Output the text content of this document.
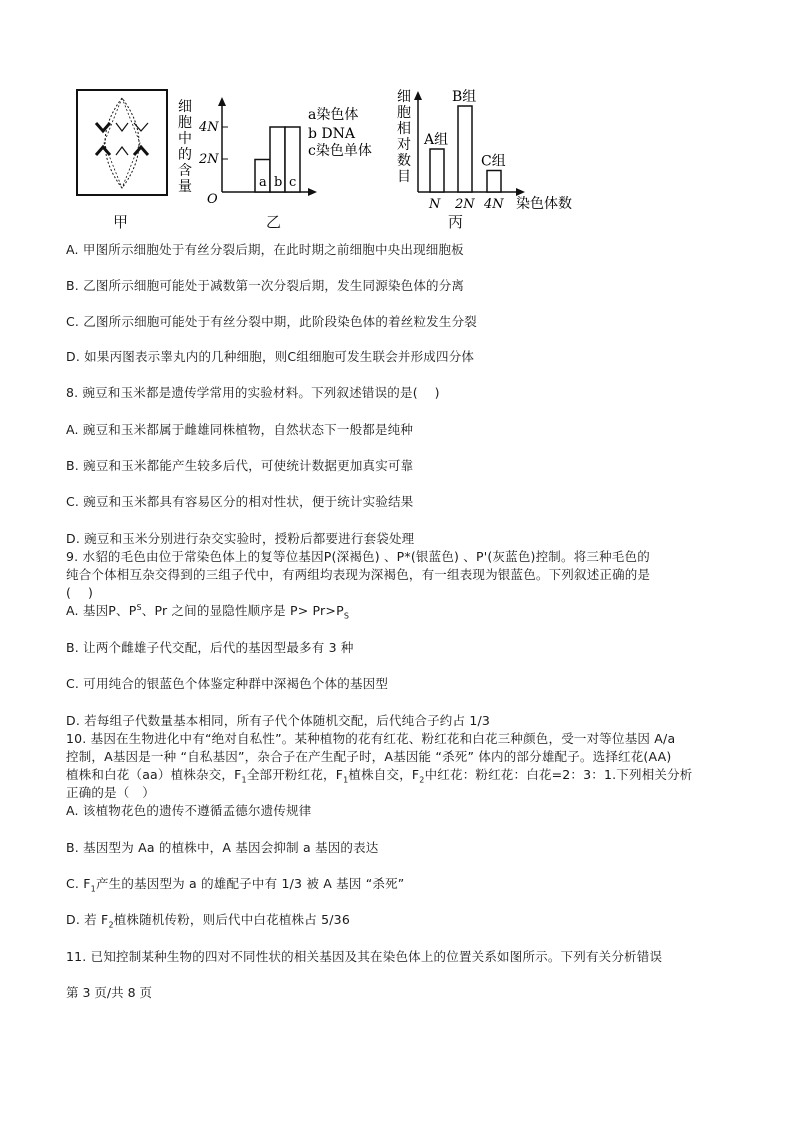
甲
细
胞
中
的
含
量
4N
2N
O
a b c
a染色体
b DNA
c染色单体
乙
细
胞
相
对
数
目
A组
N
B组
2N
C组
4N 染色体数
丙
A. 甲图所示细胞处于有丝分裂后期，在此时期之前细胞中央出现细胞板
B. 乙图所示细胞可能处于减数第一次分裂后期，发生同源染色体的分离
C. 乙图所示细胞可能处于有丝分裂中期，此阶段染色体的着丝粒发生分裂
D. 如果丙图表示睾丸内的几种细胞，则C组细胞可发生联会并形成四分体
8. 豌豆和玉米都是遗传学常用的实验材料。下列叙述错误的是(　 )
A. 豌豆和玉米都属于雌雄同株植物，自然状态下一般都是纯种
B. 豌豆和玉米都能产生较多后代，可使统计数据更加真实可靠
C. 豌豆和玉米都具有容易区分的相对性状，便于统计实验结果
D. 豌豆和玉米分别进行杂交实验时，授粉后都要进行套袋处理
9. 水貂的毛色由位于常染色体上的复等位基因P(深褐色) 、P*(银蓝色) 、P'(灰蓝色)控制。将三种毛色的
纯合个体相互杂交得到的三组子代中，有两组均表现为深褐色，有一组表现为银蓝色。下列叙述正确的是
(　 )
A. 基因P、$P^S$、Pr 之间的显隐性顺序是 $P> Pr>P_S$
B. 让两个雌雄子代交配，后代的基因型最多有 3 种
C. 可用纯合的银蓝色个体鉴定种群中深褐色个体的基因型
D. 若每组子代数量基本相同，所有子代个体随机交配，后代纯合子约占 1/3
10. 基因在生物进化中有“绝对自私性”。某种植物的花有红花、粉红花和白花三种颜色，受一对等位基因 A/a
控制，A基因是一种 “自私基因”，杂合子在产生配子时，A基因能 “杀死” 体内的部分雄配子。选择红花(AA)
植株和白花（aa）植株杂交，$F_1$全部开粉红花，$F_1$植株自交，$F_2$中红花：粉红花：白花=2：3：1.下列相关分析
正确的是（　）
A. 该植物花色的遗传不遵循孟德尔遗传规律
B. 基因型为 Aa 的植株中，A 基因会抑制 a 基因的表达
C. $F_1$产生的基因型为 a 的雄配子中有 1/3 被 A 基因 “杀死”
D. 若 $F_2$植株随机传粉，则后代中白花植株占 5/36
11. 已知控制某种生物的四对不同性状的相关基因及其在染色体上的位置关系如图所示。下列有关分析错误
第 3 页/共 8 页
